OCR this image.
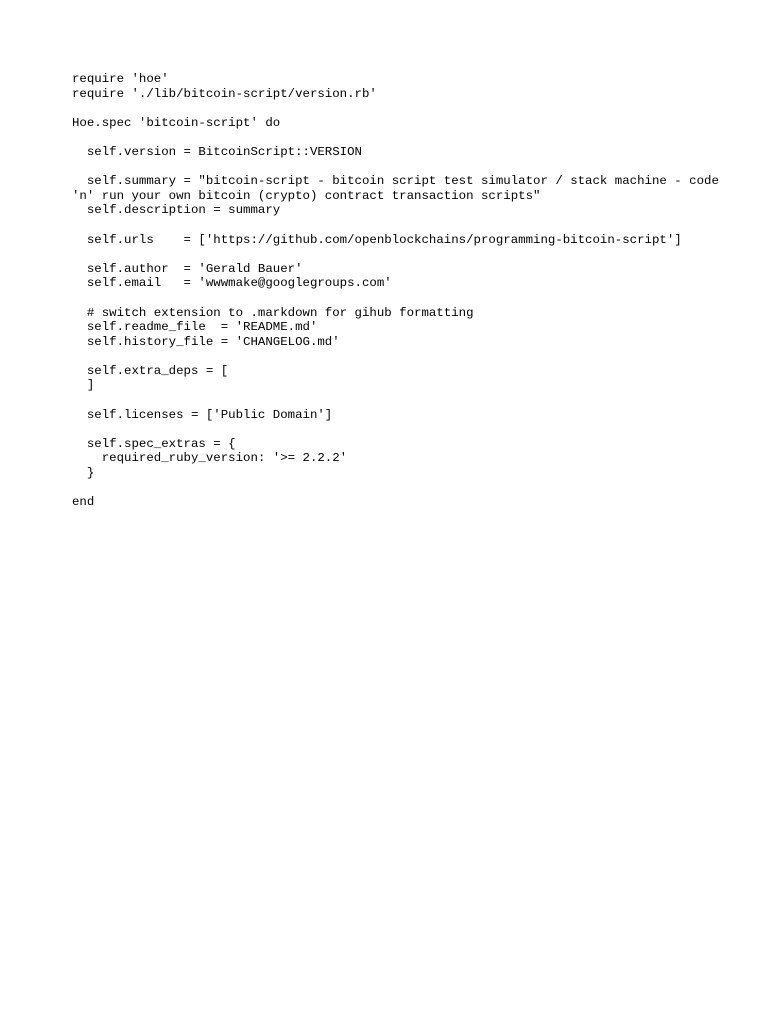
require 'hoe'
require './lib/bitcoin-script/version.rb'
Hoe.spec 'bitcoin-script' do
self.version = BitcoinScript::VERSION
self.summary = "bitcoin-script - bitcoin script test simulator / stack machine - code 'n' run your own bitcoin (crypto) contract transaction scripts"
self.description = summary
self.urls    = ['https://github.com/openblockchains/programming-bitcoin-script']
self.author  = 'Gerald Bauer'
self.email   = 'wwwmake@googlegroups.com'
# switch extension to .markdown for gihub formatting
self.readme_file  = 'README.md'
self.history_file = 'CHANGELOG.md'
self.extra_deps = [
]
self.licenses = ['Public Domain']
self.spec_extras = {
required_ruby_version: '>= 2.2.2'
}
end
